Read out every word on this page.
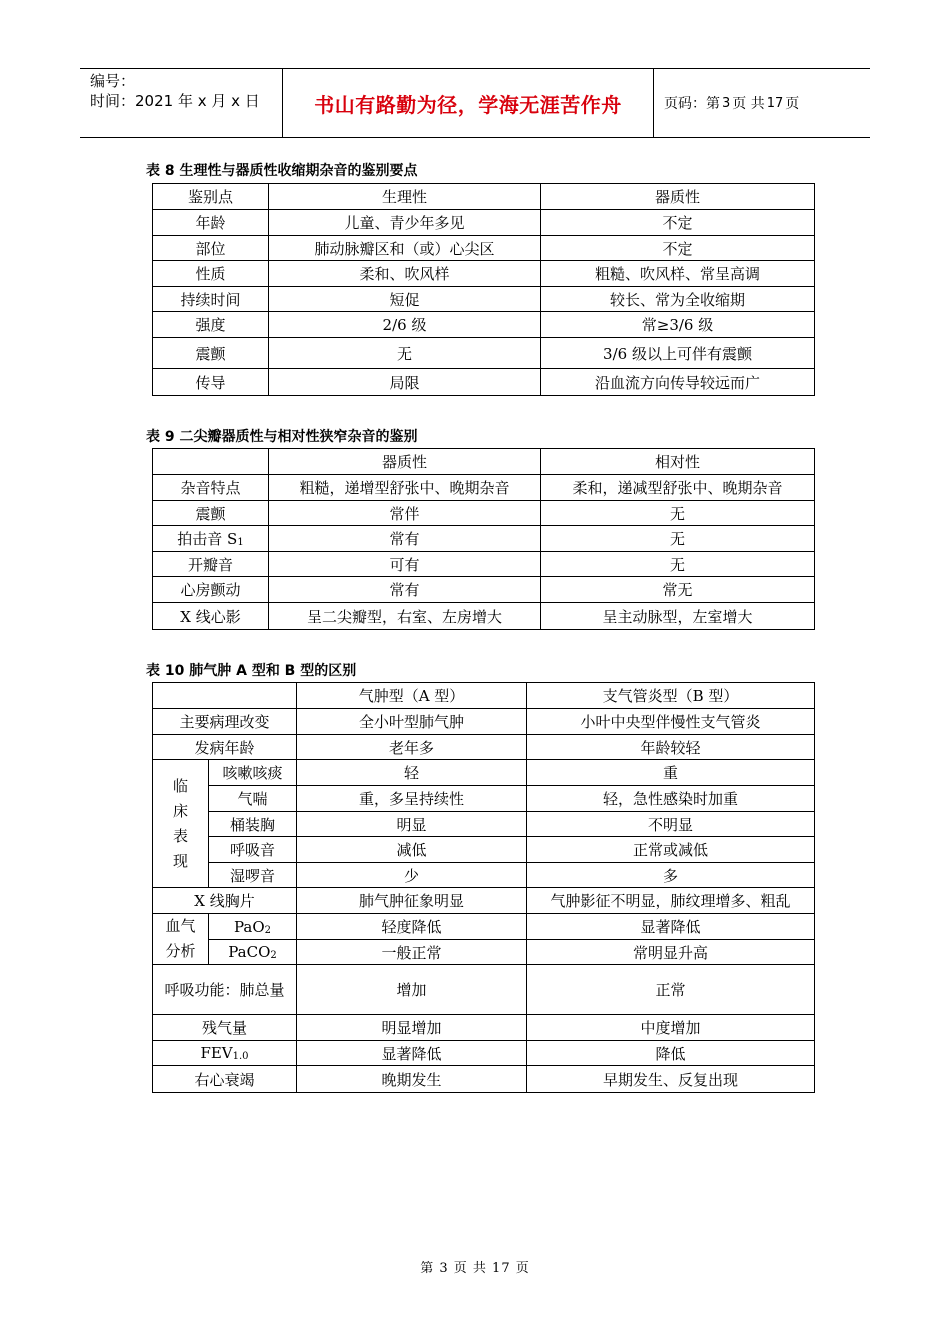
编号：
时间：2021 年 x 月 x 日	书山有路勤为径，学海无涯苦作舟	页码：第 3 页 共 17 页
表 8 生理性与器质性收缩期杂音的鉴别要点
鉴别点	生理性	器质性
年龄	儿童、青少年多见	不定
部位	肺动脉瓣区和（或）心尖区	不定
性质	柔和、吹风样	粗糙、吹风样、常呈高调
持续时间	短促	较长、常为全收缩期
强度	2/6 级	常≥3/6 级
震颤	无	3/6 级以上可伴有震颤
传导	局限	沿血流方向传导较远而广
表 9 二尖瓣器质性与相对性狭窄杂音的鉴别
	器质性	相对性
杂音特点	粗糙，递增型舒张中、晚期杂音	柔和，递减型舒张中、晚期杂音
震颤	常伴	无
拍击音 S1	常有	无
开瓣音	可有	无
心房颤动	常有	常无
X 线心影	呈二尖瓣型，右室、左房增大	呈主动脉型，左室增大
表 10 肺气肿 A 型和 B 型的区别
		气肿型（A 型）	支气管炎型（B 型）
主要病理改变		全小叶型肺气肿	小叶中央型伴慢性支气管炎
发病年龄		老年多	年龄较轻

临
床
表
现	咳嗽咳痰	轻	重
	气喘	重，多呈持续性	轻，急性感染时加重
	桶装胸	明显	不明显
	呼吸音	减低	正常或减低
	湿啰音	少	多
X 线胸片		肺气肿征象明显	气肿影征不明显，肺纹理增多、粗乱

血气
分析	PaO2	轻度降低	显著降低
	PaCO2	一般正常	常明显升高
呼吸功能：肺总量		增加	正常
残气量		明显增加	中度增加
FEV1.0		显著降低	降低
右心衰竭		晚期发生	早期发生、反复出现
第 3 页 共 17 页
